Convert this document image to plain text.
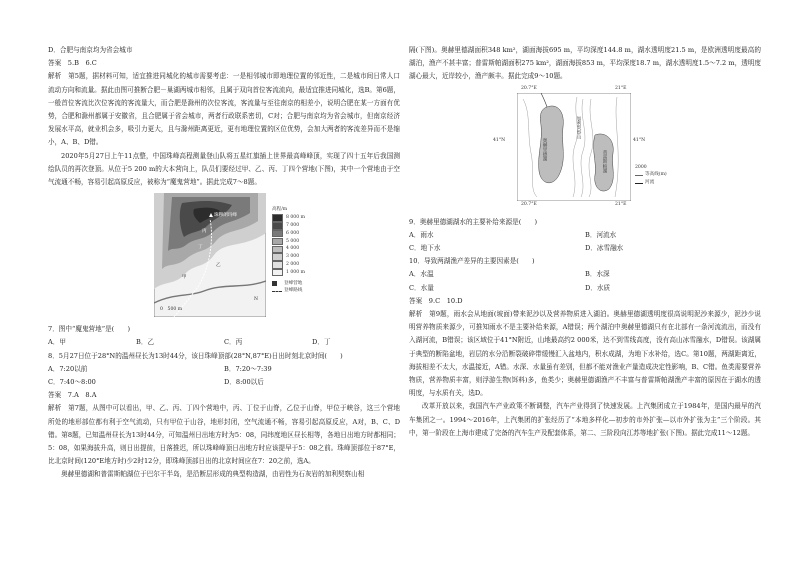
D．合肥与南京均为省会城市

答案　5.B　6.C

解析　第5题，据材料可知，适宜推进同城化的城市需要考虑：一是相邻城市即地理位置的邻近性，二是城市间日常人口流动方向和流量。据此由图可推断合肥－巢湖两城市相邻，且属于双向首位客流流向，最适宜推进同城化，选B。第6题，一般首位客流比次位客流的客流量大，而合肥是滁州的次位客流，客流量与至往南京的相差小，说明合肥在某一方面有优势，合肥和滁州都属于安徽省，且合肥属于省会城市，两者行政联系密切，C对；合肥与南京均为省会城市，但南京经济发展水平高，就业机会多，吸引力更大，且与滁州距离更近，更有地理位置的区位优势，会加大两者的客流差异而不是缩小，A、B、D错。

2020年5月27日上午11点整，中国珠峰高程测量登山队将五星红旗插上世界最高峰峰顶，实现了四十五年后我国测绘队员的再次登顶。从位于5 200 m的大本营向上，队员们要经过甲、乙、丙、丁四个营地(下图)，其中一个营地由于空气流通不畅，容易引起高原反应，被称为“魔鬼营地”。据此完成7～8题。

珠穆朗玛峰
丙
乙
甲
丁
0　500 m
N
高程/m
8 000 m
7 000
6 000
5 000
4 000
3 000
2 000
1 000 m
登峰营地
登峰路线

7．图中“魔鬼营地”是(　　)

A．甲	B．乙	C．丙	D．丁

8．5月27日位于28°N的温州昼长为13时44分，该日珠峰顶部(28°N,87°E)日出时刻北京时间(　　)

A．7:20以前	B．7:20～7:39
C．7:40～8:00	D．8:00以后

答案　7.A　8.A

解析　第7题，从图中可以看出，甲、乙、丙、丁四个营地中，丙、丁位于山脊，乙位于山脊，甲位于峡谷，这三个营地所处的地形部位都有利于空气流动，只有甲位于山谷，地形封闭，空气流通不畅，容易引起高原反应，A对，B、C、D错。第8题，已知温州昼长为13时44分，可知温州日出地方时为5：08，同纬度地区昼长相等，各地日出地方时都相同；5：08，如果海拔升高，则日出提前，日落推迟，所以珠峰峰顶日出地方时应该提早于5：08之前。珠峰顶部位于87°E，比北京时间(120°E地方时)少2时12分，即珠峰顶部日出的北京时间应在7：20之前，选A。

奥赫里德湖和普雷斯帕湖位于巴尔干半岛，是沿断层形成的典型构造湖，由岩性为石灰岩的加利契察山相

隔(下图)。奥赫里德湖面积348 km²，湖面海拔695 m，平均深度144.8 m，湖水透明度21.5 m，是欧洲透明度最高的湖泊，渔产不甚丰富；普雷斯帕湖面积275 km²，湖面海拔853 m，平均深度18.7 m，湖水透明度1.5～7.2 m，透明度湖心最大，近岸较小，渔产颇丰。据此完成9～10题。

20.7°E	21°E
41°N	41°N
奥赫里德湖
普雷斯帕湖
加利契察山
20.7°E	21°E
2000
等高线(m)
河流

9．奥赫里德湖湖水的主要补给来源是(　　)

A．雨水	B．河流水
C．地下水	D．冰雪融水

10．导致两湖渔产差异的主要因素是(　　)

A．水温	B．水深
C．水量	D．水质

答案　9.C　10.D

解析　第9题，雨水会从地面(坡面)带来泥沙以及营养物质进入湖泊。奥赫里德湖透明度很高说明泥沙来源少，泥沙少说明营养物质来源少，可推知雨水不是主要补给来源，A错误；两个湖泊中奥赫里德湖只有在北部有一条河流流出，而没有入湖河流，B错误；该区域位于41°N附近，山地最高约2 000米，达不到雪线高度，没有高山冰雪融水，D错误。该湖属于典型的断陷盆地，岩层的水分沿断裂破碎带缓慢汇入盆地内，积水成湖，为地下水补给，选C。第10题，两湖距离近，海拔相差不太大，水温接近，A错。水深、水量虽有差别，但都不能对渔业产量造成决定性影响，B、C错。鱼类需要营养物质，营养物质丰富，则浮游生物(饵料)多，鱼类少；奥赫里德湖渔产不丰富与普雷斯帕湖渔产丰富的原因在于湖水的透明度，与水质有关，选D。

改革开放以来，我国汽车产业政策不断调整，汽车产业得到了快速发展。上汽集团成立于1984年，是国内最早的汽车集团之一。1994～2016年，上汽集团的扩张经历了“本地多样化—初步的市外扩张—以市外扩张为主”三个阶段。其中，第一阶段在上海市建成了完备的汽车生产及配套体系，第二、三阶段向江苏等地扩张(下图)。据此完成11～12题。
